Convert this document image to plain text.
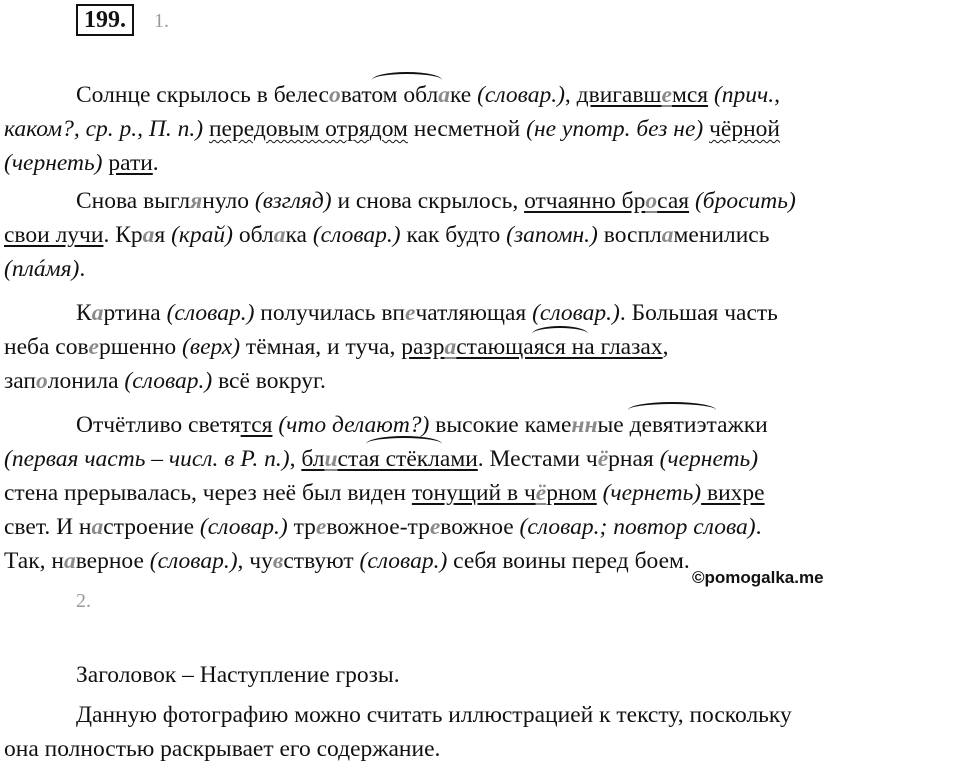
199.	1.
Солнце скрылось в белесоватом облаке (словар.), двигавшемся (прич.,
каком?, ср. р., П. п.) передовым отрядом несметной (не употр. без не) чёрной
(чернеть) рати.
Снова выглянуло (взгляд) и снова скрылось, отчаянно бросая (бросить)
свои лучи. Края (край) облака (словар.) как будто (запомн.) воспламенились
(плáмя).
Картина (словар.) получилась впечатляющая (словар.). Большая часть
неба совершенно (верх) тёмная, и туча, разрастающаяся на глазах,
заполонила (словар.) всё вокруг.
Отчётливо светятся (что делают?) высокие каменные девятиэтажки
(первая часть – числ. в Р. п.), блистая стёклами. Местами чёрная (чернеть)
стена прерывалась, через неё был виден тонущий в чёрном (чернеть) вихре
свет. И настроение (словар.) тревожное-тревожное (словар.; повтор слова).
Так, наверное (словар.), чувствуют (словар.) себя воины перед боем.
©pomogalka.me
2.
Заголовок – Наступление грозы.
Данную фотографию можно считать иллюстрацией к тексту, поскольку
она полностью раскрывает его содержание.
